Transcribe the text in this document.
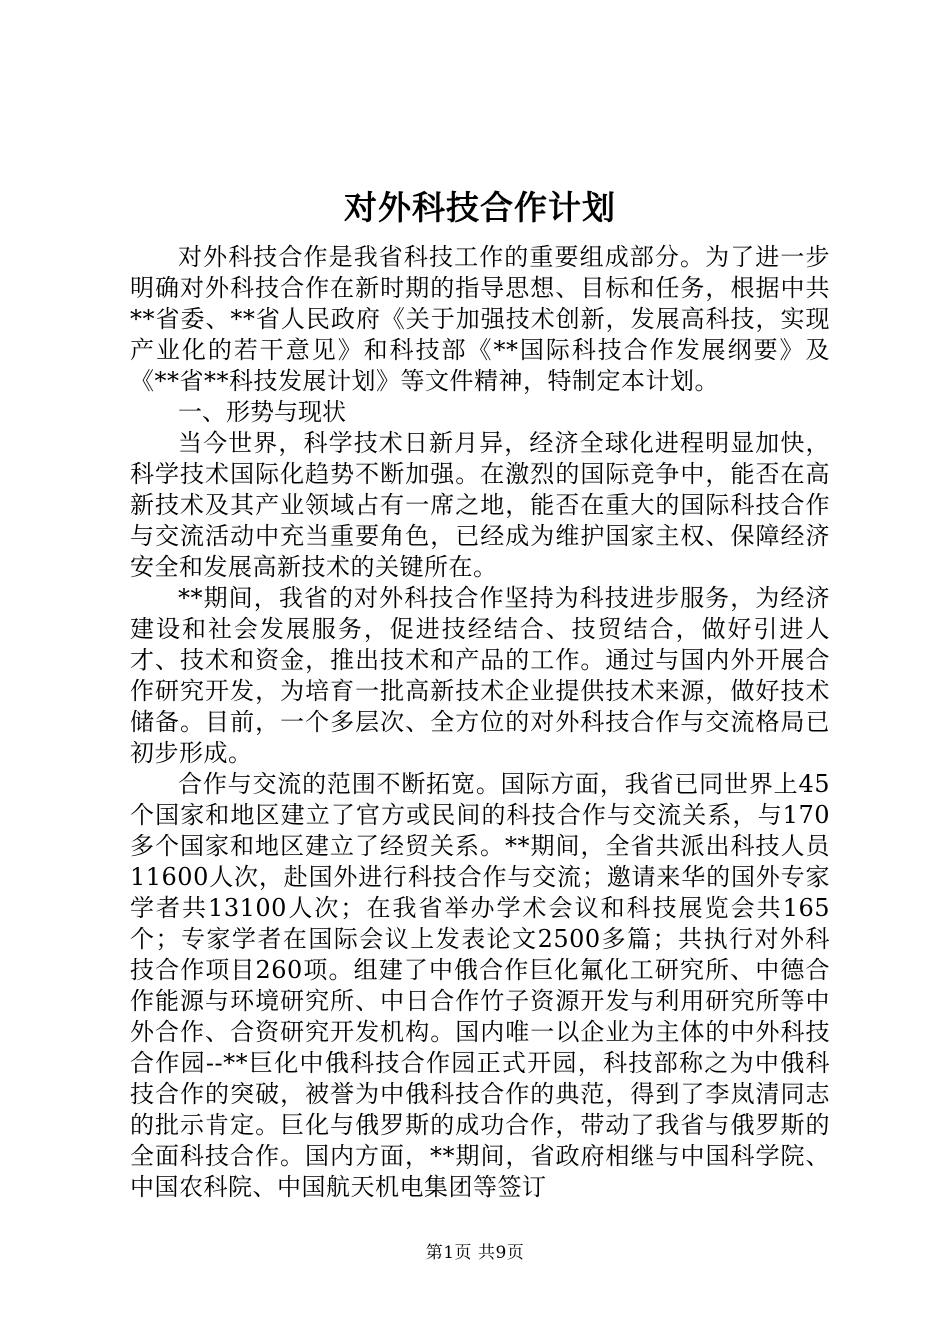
对外科技合作计划

对外科技合作是我省科技工作的重要组成部分。为了进一步明确对外科技合作在新时期的指导思想、目标和任务，根据中共**省委、**省人民政府《关于加强技术创新，发展高科技，实现产业化的若干意见》和科技部《**国际科技合作发展纲要》及《**省**科技发展计划》等文件精神，特制定本计划。

一、形势与现状

当今世界，科学技术日新月异，经济全球化进程明显加快，科学技术国际化趋势不断加强。在激烈的国际竞争中，能否在高新技术及其产业领域占有一席之地，能否在重大的国际科技合作与交流活动中充当重要角色，已经成为维护国家主权、保障经济安全和发展高新技术的关键所在。

**期间，我省的对外科技合作坚持为科技进步服务，为经济建设和社会发展服务，促进技经结合、技贸结合，做好引进人才、技术和资金，推出技术和产品的工作。通过与国内外开展合作研究开发，为培育一批高新技术企业提供技术来源，做好技术储备。目前，一个多层次、全方位的对外科技合作与交流格局已初步形成。

合作与交流的范围不断拓宽。国际方面，我省已同世界上45个国家和地区建立了官方或民间的科技合作与交流关系，与170多个国家和地区建立了经贸关系。**期间，全省共派出科技人员11600人次，赴国外进行科技合作与交流；邀请来华的国外专家学者共13100人次；在我省举办学术会议和科技展览会共165个；专家学者在国际会议上发表论文2500多篇；共执行对外科技合作项目260项。组建了中俄合作巨化氟化工研究所、中德合作能源与环境研究所、中日合作竹子资源开发与利用研究所等中外合作、合资研究开发机构。国内唯一以企业为主体的中外科技合作园--**巨化中俄科技合作园正式开园，科技部称之为中俄科技合作的突破，被誉为中俄科技合作的典范，得到了李岚清同志的批示肯定。巨化与俄罗斯的成功合作，带动了我省与俄罗斯的全面科技合作。国内方面，**期间，省政府相继与中国科学院、中国农科院、中国航天机电集团等签订

第1页 共9页
